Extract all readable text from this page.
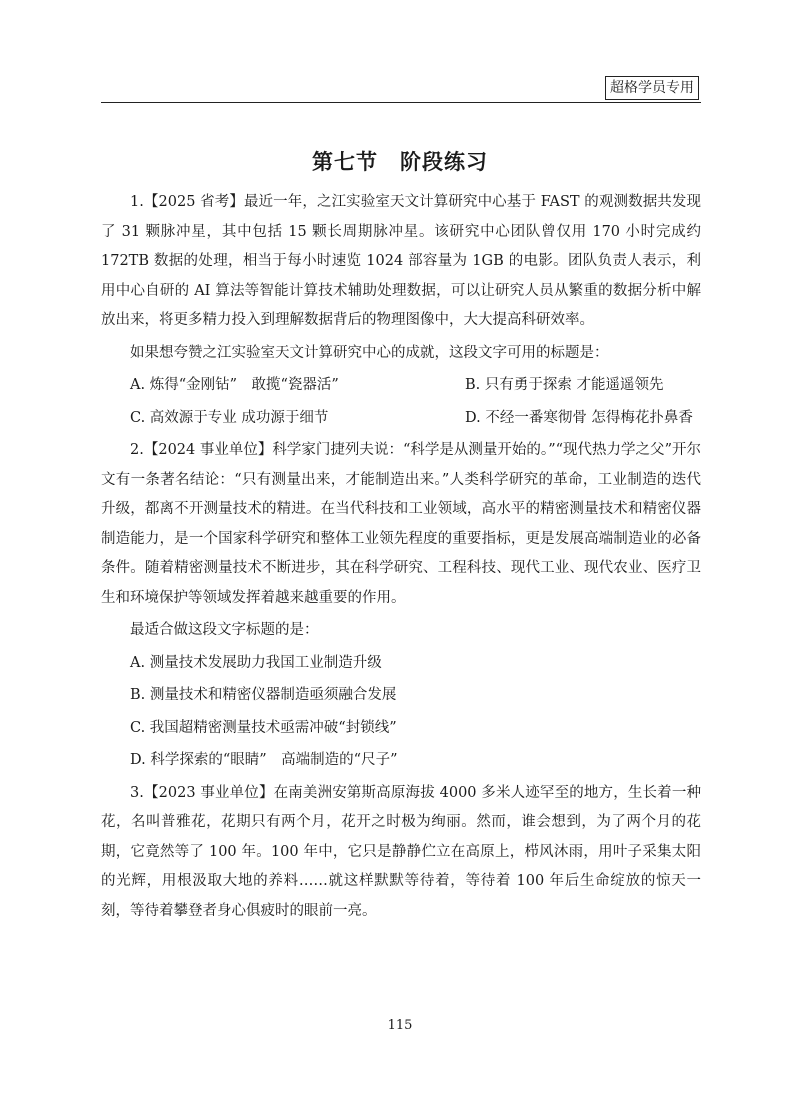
超格学员专用
第七节　阶段练习

1.【2025 省考】最近一年，之江实验室天文计算研究中心基于 FAST 的观测数据共发现了 31 颗脉冲星，其中包括 15 颗长周期脉冲星。该研究中心团队曾仅用 170 小时完成约 172TB 数据的处理，相当于每小时速览 1024 部容量为 1GB 的电影。团队负责人表示，利用中心自研的 AI 算法等智能计算技术辅助处理数据，可以让研究人员从繁重的数据分析中解放出来，将更多精力投入到理解数据背后的物理图像中，大大提高科研效率。

如果想夸赞之江实验室天文计算研究中心的成就，这段文字可用的标题是：

A. 炼得“金刚钻”　敢揽“瓷器活”	B. 只有勇于探索 才能遥遥领先
C. 高效源于专业 成功源于细节	D. 不经一番寒彻骨 怎得梅花扑鼻香

2.【2024 事业单位】科学家门捷列夫说：“科学是从测量开始的。”“现代热力学之父”开尔文有一条著名结论：“只有测量出来，才能制造出来。”人类科学研究的革命，工业制造的迭代升级，都离不开测量技术的精进。在当代科技和工业领域，高水平的精密测量技术和精密仪器制造能力，是一个国家科学研究和整体工业领先程度的重要指标，更是发展高端制造业的必备条件。随着精密测量技术不断进步，其在科学研究、工程科技、现代工业、现代农业、医疗卫生和环境保护等领域发挥着越来越重要的作用。

最适合做这段文字标题的是：

A. 测量技术发展助力我国工业制造升级
B. 测量技术和精密仪器制造亟须融合发展
C. 我国超精密测量技术亟需冲破“封锁线”
D. 科学探索的“眼睛”　高端制造的“尺子”

3.【2023 事业单位】在南美洲安第斯高原海拔 4000 多米人迹罕至的地方，生长着一种花，名叫普雅花，花期只有两个月，花开之时极为绚丽。然而，谁会想到，为了两个月的花期，它竟然等了 100 年。100 年中，它只是静静伫立在高原上，栉风沐雨，用叶子采集太阳的光辉，用根汲取大地的养料……就这样默默等待着，等待着 100 年后生命绽放的惊天一刻，等待着攀登者身心俱疲时的眼前一亮。

115
